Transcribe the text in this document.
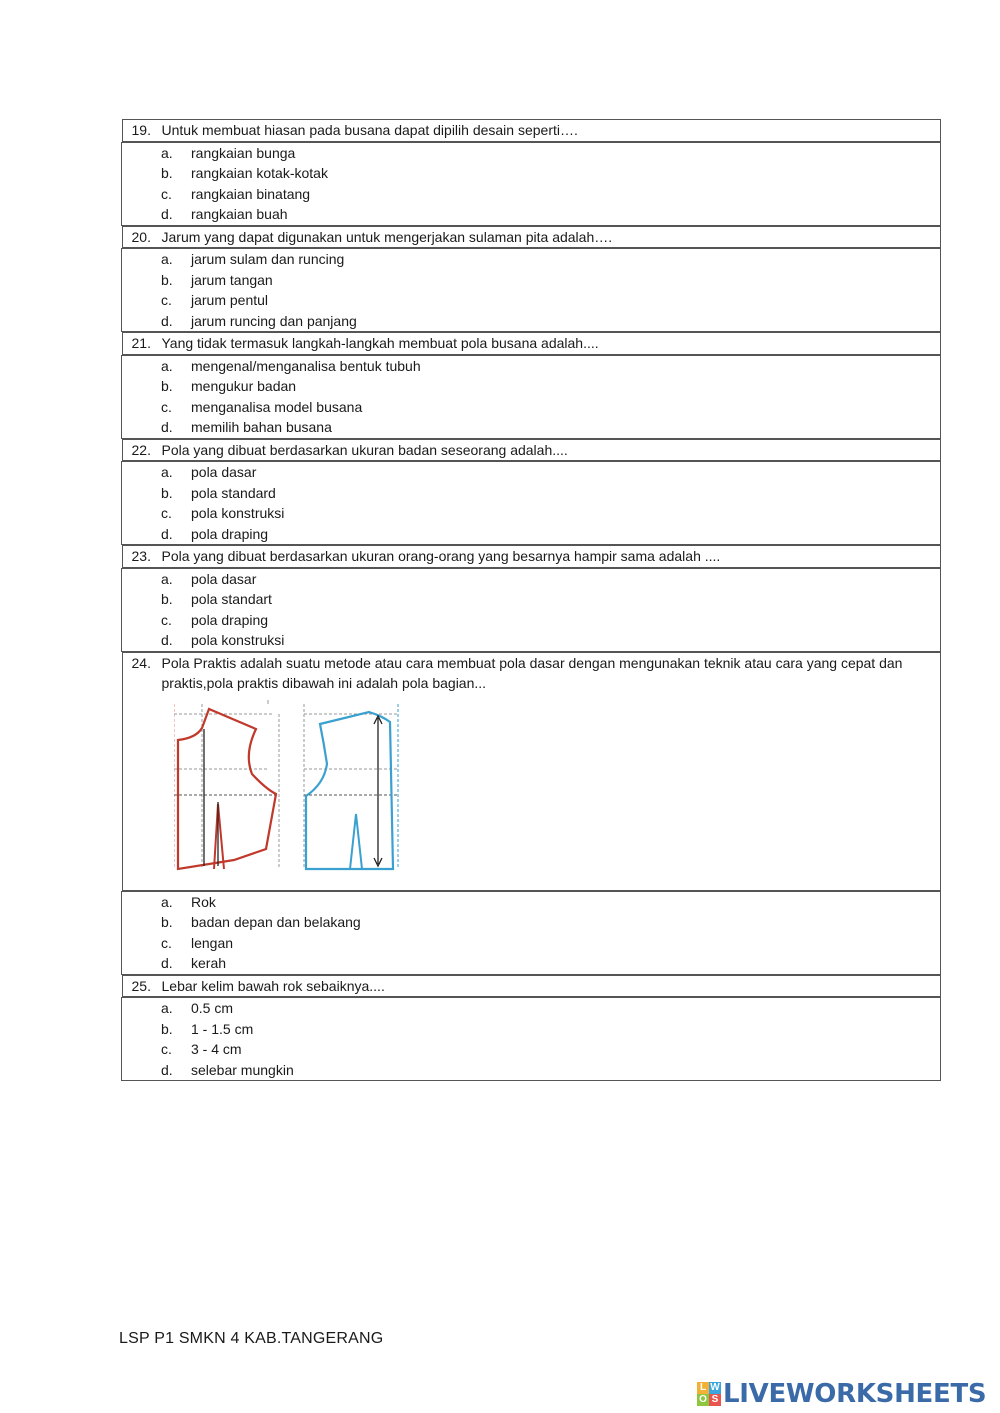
19. Untuk membuat hiasan pada busana dapat dipilih desain seperti….

a.	rangkaian bunga
b.	rangkaian kotak-kotak
c.	rangkaian binatang
d.	rangkaian buah

20. Jarum yang dapat digunakan untuk mengerjakan sulaman pita adalah….

a.	jarum sulam dan runcing
b.	jarum tangan
c.	jarum pentul
d.	jarum runcing dan panjang

21. Yang tidak termasuk langkah-langkah membuat pola busana adalah....

a.	mengenal/menganalisa bentuk tubuh
b.	mengukur badan
c.	menganalisa model busana
d.	memilih bahan busana

22. Pola yang dibuat berdasarkan ukuran badan seseorang adalah....

a.	pola dasar
b.	pola standard
c.	pola konstruksi
d.	pola draping

23. Pola yang dibuat berdasarkan ukuran orang-orang yang besarnya hampir sama adalah ....

a.	pola dasar
b.	pola standart
c.	pola draping
d.	pola konstruksi

24. Pola Praktis adalah suatu metode atau cara membuat pola dasar dengan mengunakan teknik atau cara yang cepat dan praktis,pola praktis dibawah ini adalah pola bagian...

a.	Rok
b.	badan depan dan belakang
c.	lengan
d.	kerah

25. Lebar kelim bawah rok sebaiknya....

a.	0.5 cm
b.	1 - 1.5 cm
c.	3 - 4 cm
d.	selebar mungkin
LSP P1 SMKN 4 KAB.TANGERANG
L W
O S LIVEWORKSHEETS
